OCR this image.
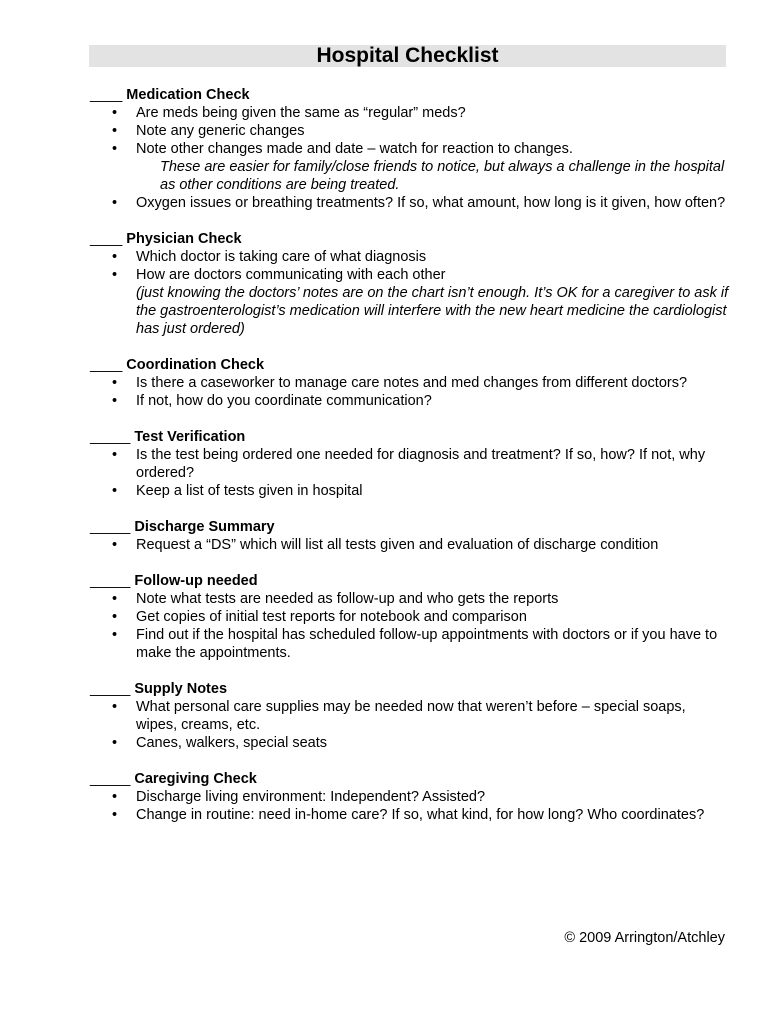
Hospital Checklist
____ Medication Check
• Are meds being given the same as “regular” meds?
• Note any generic changes
• Note other changes made and date – watch for reaction to changes.
These are easier for family/close friends to notice, but always a challenge in the hospital as other conditions are being treated.
• Oxygen issues or breathing treatments? If so, what amount, how long is it given, how often?
____ Physician Check
• Which doctor is taking care of what diagnosis
• How are doctors communicating with each other
(just knowing the doctors’ notes are on the chart isn’t enough. It’s OK for a caregiver to ask if the gastroenterologist’s medication will interfere with the new heart medicine the cardiologist has just ordered)
____ Coordination Check
• Is there a caseworker to manage care notes and med changes from different doctors?
• If not, how do you coordinate communication?
_____ Test Verification
• Is the test being ordered one needed for diagnosis and treatment? If so, how? If not, why ordered?
• Keep a list of tests given in hospital
_____ Discharge Summary
• Request a “DS” which will list all tests given and evaluation of discharge condition
_____ Follow-up needed
• Note what tests are needed as follow-up and who gets the reports
• Get copies of initial test reports for notebook and comparison
• Find out if the hospital has scheduled follow-up appointments with doctors or if you have to make the appointments.
_____ Supply Notes
• What personal care supplies may be needed now that weren’t before – special soaps, wipes, creams, etc.
• Canes, walkers, special seats
_____ Caregiving Check
• Discharge living environment: Independent? Assisted?
• Change in routine: need in-home care? If so, what kind, for how long? Who coordinates?
© 2009 Arrington/Atchley
